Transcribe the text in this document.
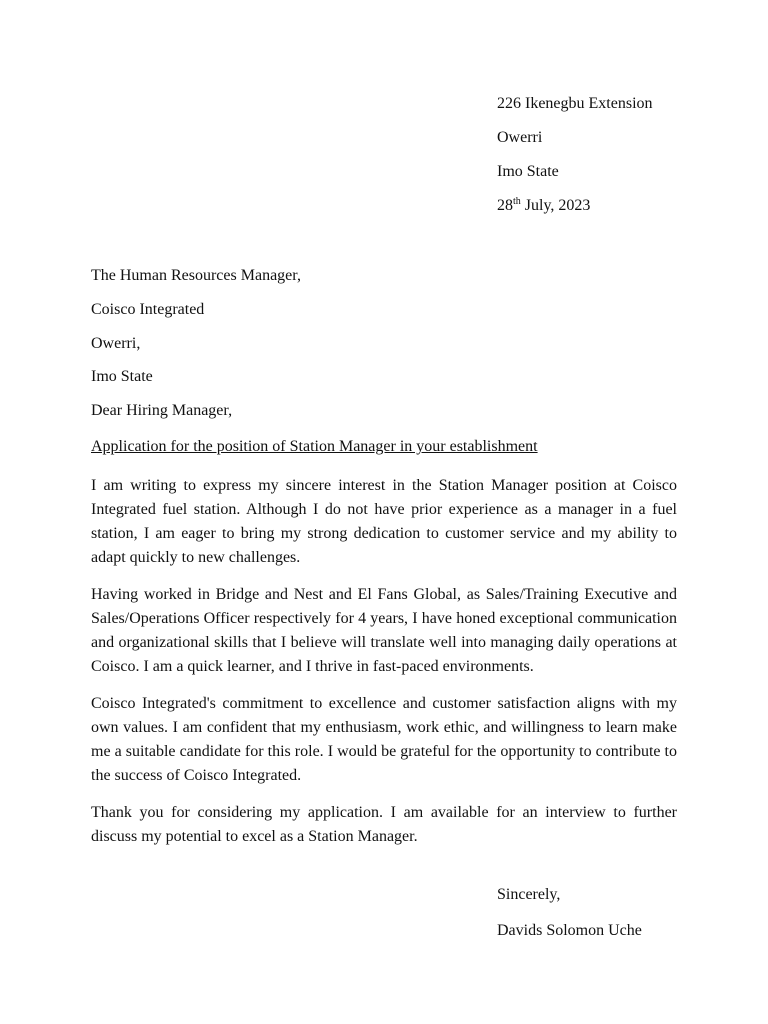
226 Ikenegbu Extension
Owerri
Imo State
28th July, 2023
The Human Resources Manager,
Coisco Integrated
Owerri,
Imo State
Dear Hiring Manager,
Application for the position of Station Manager in your establishment

I am writing to express my sincere interest in the Station Manager position at Coisco Integrated fuel station. Although I do not have prior experience as a manager in a fuel station, I am eager to bring my strong dedication to customer service and my ability to adapt quickly to new challenges.

Having worked in Bridge and Nest and El Fans Global, as Sales/Training Executive and Sales/Operations Officer respectively for 4 years, I have honed exceptional communication and organizational skills that I believe will translate well into managing daily operations at Coisco. I am a quick learner, and I thrive in fast-paced environments.

Coisco Integrated's commitment to excellence and customer satisfaction aligns with my own values. I am confident that my enthusiasm, work ethic, and willingness to learn make me a suitable candidate for this role. I would be grateful for the opportunity to contribute to the success of Coisco Integrated.

Thank you for considering my application. I am available for an interview to further discuss my potential to excel as a Station Manager.

Sincerely,
Davids Solomon Uche
